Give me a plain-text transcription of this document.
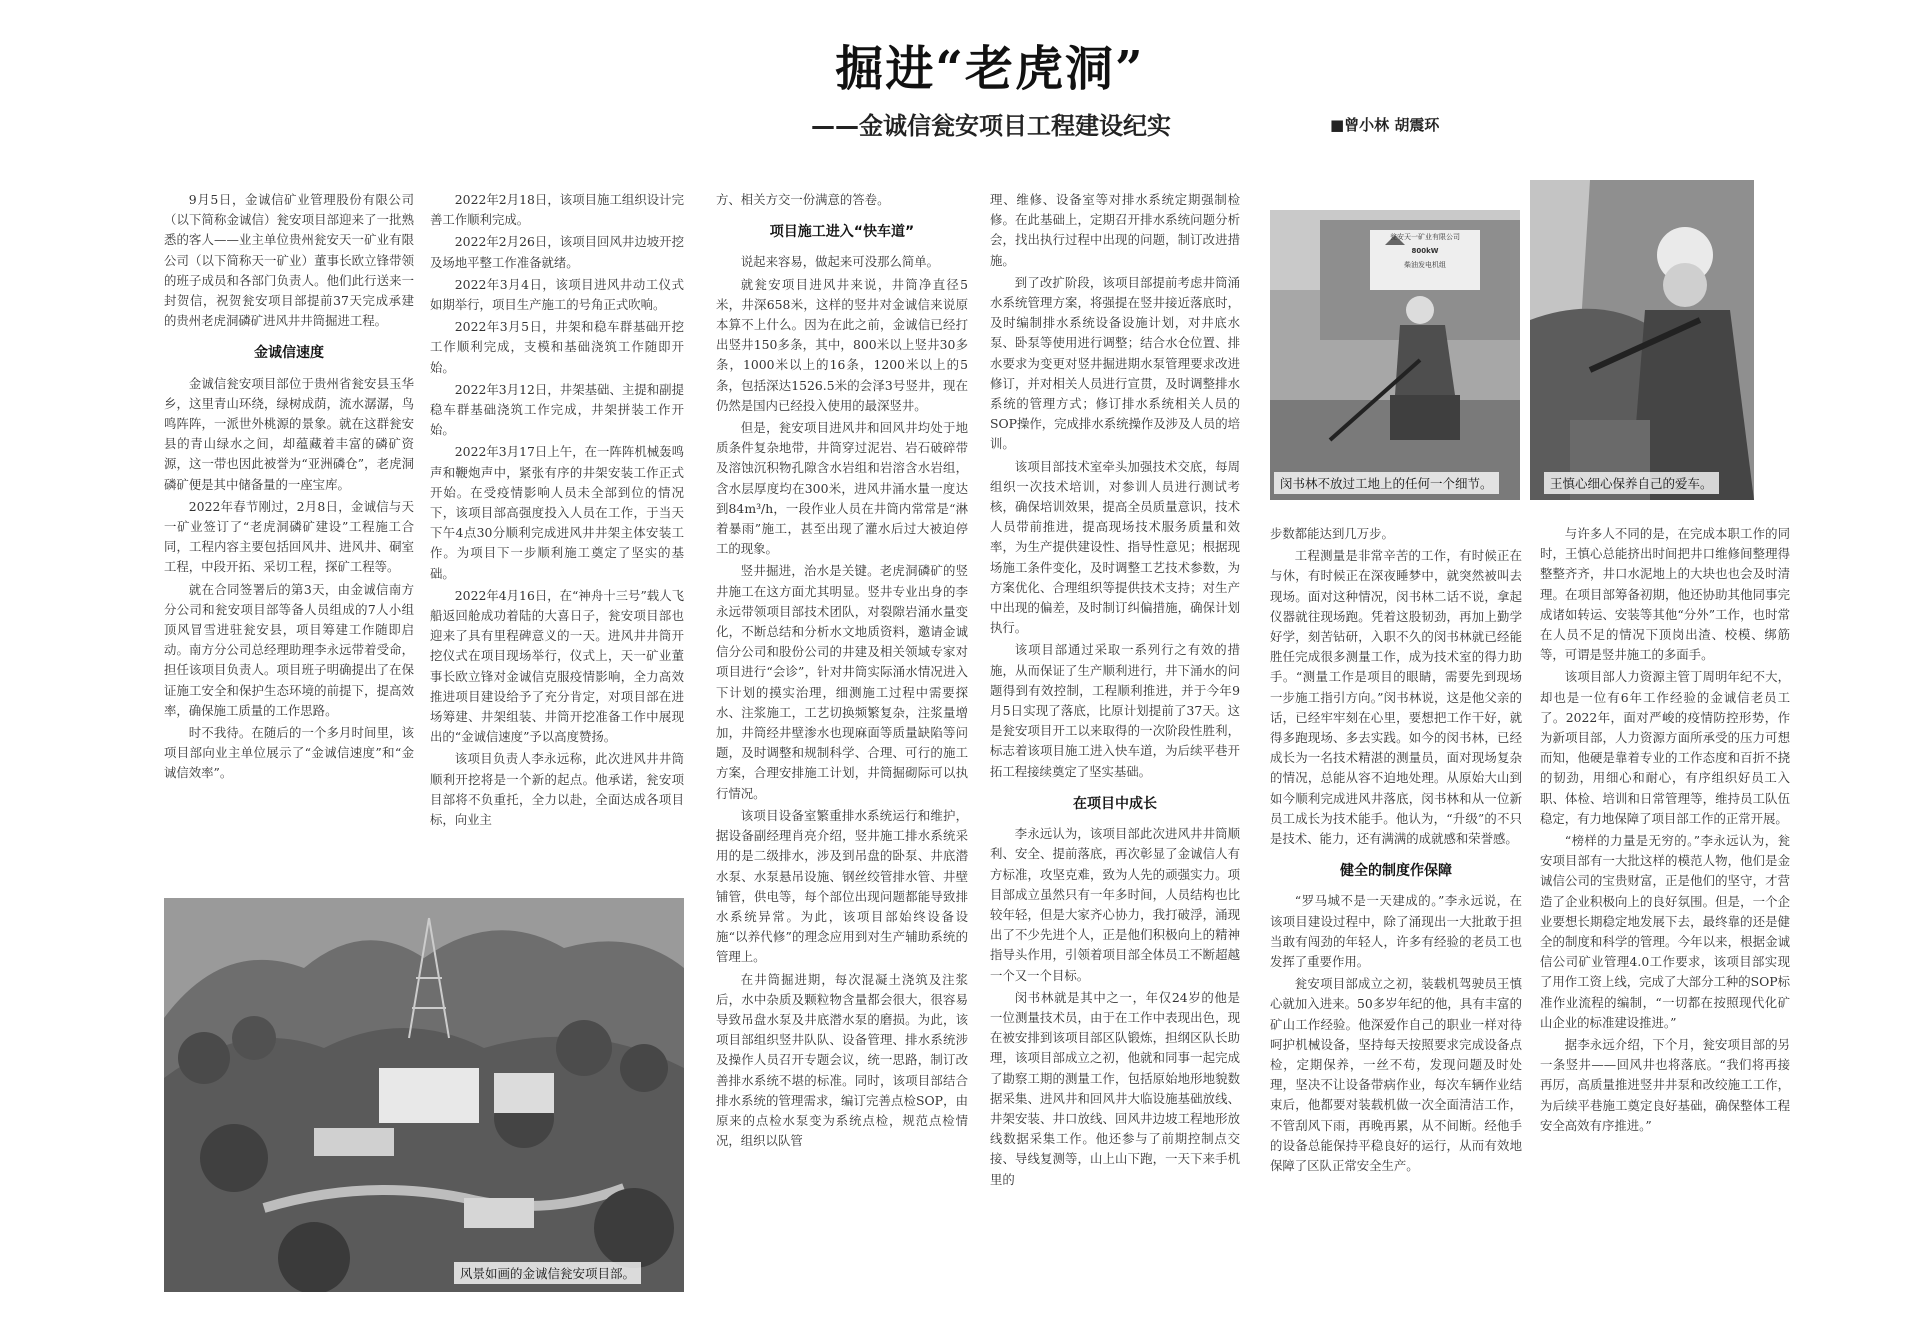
掘进“老虎洞”
——金诚信瓮安项目工程建设纪实	■曾小林 胡震环

9月5日，金诚信矿业管理股份有限公司（以下简称金诚信）瓮安项目部迎来了一批熟悉的客人——业主单位贵州瓮安天一矿业有限公司（以下简称天一矿业）董事长欧立锋带领的班子成员和各部门负责人。他们此行送来一封贺信，祝贺瓮安项目部提前37天完成承建的贵州老虎洞磷矿进风井井筒掘进工程。

金诚信速度

金诚信瓮安项目部位于贵州省瓮安县玉华乡，这里青山环绕，绿树成荫，流水潺潺，鸟鸣阵阵，一派世外桃源的景象。就在这群瓮安县的青山绿水之间，却蕴藏着丰富的磷矿资源，这一带也因此被誉为“亚洲磷仓”，老虎洞磷矿便是其中储备量的一座宝库。

2022年春节刚过，2月8日，金诚信与天一矿业签订了“老虎洞磷矿建设”工程施工合同，工程内容主要包括回风井、进风井、硐室工程，中段开拓、采切工程，探矿工程等。

就在合同签署后的第3天，由金诚信南方分公司和瓮安项目部等备人员组成的7人小组顶风冒雪进驻瓮安县，项目筹建工作随即启动。南方分公司总经理助理李永远带着受命，担任该项目负责人。项目班子明确提出了在保证施工安全和保护生态环境的前提下，提高效率，确保施工质量的工作思路。

时不我待。在随后的一个多月时间里，该项目部向业主单位展示了“金诚信速度”和“金诚信效率”。

2022年2月18日，该项目施工组织设计完善工作顺利完成。

2022年2月26日，该项目回风井边坡开挖及场地平整工作准备就绪。

2022年3月4日，该项目进风井动工仪式如期举行，项目生产施工的号角正式吹响。

2022年3月5日，井架和稳车群基础开挖工作顺利完成，支模和基础浇筑工作随即开始。

2022年3月12日，井架基础、主提和副提稳车群基础浇筑工作完成，井架拼装工作开始。

2022年3月17日上午，在一阵阵机械轰鸣声和鞭炮声中，紧张有序的井架安装工作正式开始。在受疫情影响人员未全部到位的情况下，该项目部高强度投入人员在工作，于当天下午4点30分顺利完成进风井井架主体安装工作。为项目下一步顺利施工奠定了坚实的基础。

2022年4月16日，在“神舟十三号”载人飞船返回舱成功着陆的大喜日子，瓮安项目部也迎来了具有里程碑意义的一天。进风井井筒开挖仪式在项目现场举行，仪式上，天一矿业董事长欧立锋对金诚信克服疫情影响，全力高效推进项目建设给予了充分肯定，对项目部在进场筹建、井架组装、井筒开挖准备工作中展现出的“金诚信速度”予以高度赞扬。

该项目负责人李永远称，此次进风井井筒顺利开挖将是一个新的起点。他承诺，瓮安项目部将不负重托，全力以赴，全面达成各项目标，向业主

风景如画的金诚信瓮安项目部。

方、相关方交一份满意的答卷。

项目施工进入“快车道”

说起来容易，做起来可没那么简单。

就瓮安项目进风井来说，井筒净直径5米，井深658米，这样的竖井对金诚信来说原本算不上什么。因为在此之前，金诚信已经打出竖井150多条，其中，800米以上竖井30多条，1000米以上的16条，1200米以上的5条，包括深达1526.5米的会泽3号竖井，现在仍然是国内已经投入使用的最深竖井。

但是，瓮安项目进风井和回风井均处于地质条件复杂地带，井筒穿过泥岩、岩石破碎带及溶蚀沉积物孔隙含水岩组和岩溶含水岩组，含水层厚度均在300米，进风井涌水量一度达到84m³/h，一段作业人员在井筒内常常是“淋着暴雨”施工，甚至出现了灌水后过大被迫停工的现象。

竖井掘进，治水是关键。老虎洞磷矿的竖井施工在这方面尤其明显。竖井专业出身的李永远带领项目部技术团队，对裂隙岩涌水量变化，不断总结和分析水文地质资料，邀请金诚信分公司和股份公司的井建及相关领域专家对项目进行“会诊”，针对井筒实际涌水情况进入下计划的摸实治理，细测施工过程中需要探水、注浆施工，工艺切换频繁复杂，注浆量增加，井筒经井壁渗水也现麻面等质量缺陷等问题，及时调整和规制科学、合理、可行的施工方案，合理安排施工计划，井筒掘砌际可以执行情况。

该项目设备室繁重排水系统运行和维护，据设备副经理肖亮介绍，竖井施工排水系统采用的是二级排水，涉及到吊盘的卧泵、井底潜水泵、水泵悬吊设施、钢丝绞管排水管、井壁铺管，供电等，每个部位出现问题都能导致排水系统异常。为此，该项目部始终设备设施“以养代修”的理念应用到对生产辅助系统的管理上。

在井筒掘进期，每次混凝土浇筑及注浆后，水中杂质及颗粒物含量都会很大，很容易导致吊盘水泵及井底潜水泵的磨损。为此，该项目部组织竖井队队、设备管理、排水系统涉及操作人员召开专题会议，统一思路，制订改善排水系统不堪的标准。同时，该项目部结合排水系统的管理需求，编订完善点检SOP，由原来的点检水泵变为系统点检，规范点检情况，组织以队管

理、维修、设备室等对排水系统定期强制检修。在此基础上，定期召开排水系统问题分析会，找出执行过程中出现的问题，制订改进措施。

到了改扩阶段，该项目部提前考虑井筒涌水系统管理方案，将强提在竖井接近落底时，及时编制排水系统设备设施计划，对井底水泵、卧泵等使用进行调整；结合水仓位置、排水要求为变更对竖井掘进期水泵管理要求改进修订，并对相关人员进行宣贯，及时调整排水系统的管理方式；修订排水系统相关人员的SOP操作，完成排水系统操作及涉及人员的培训。

该项目部技术室牵头加强技术交底，每周组织一次技术培训，对参训人员进行测试考核，确保培训效果，提高全员质量意识，技术人员带前推进，提高现场技术服务质量和效率，为生产提供建设性、指导性意见；根据现场施工条件变化，及时调整工艺技术参数，为方案优化、合理组织等提供技术支持；对生产中出现的偏差，及时制订纠偏措施，确保计划执行。

该项目部通过采取一系列行之有效的措施，从而保证了生产顺利进行，井下涌水的问题得到有效控制，工程顺利推进，并于今年9月5日实现了落底，比原计划提前了37天。这是瓮安项目开工以来取得的一次阶段性胜利，标志着该项目施工进入快车道，为后续平巷开拓工程接续奠定了坚实基础。

在项目中成长

李永远认为，该项目部此次进风井井筒顺利、安全、提前落底，再次彰显了金诚信人有方标准，攻坚克难，致为人先的顽强实力。项目部成立虽然只有一年多时间，人员结构也比较年轻，但是大家齐心协力，我打破浮，涌现出了不少先进个人，正是他们积极向上的精神指导头作用，引领着项目部全体员工不断超越一个又一个目标。

闵书林就是其中之一，年仅24岁的他是一位测量技术员，由于在工作中表现出色，现在被安排到该项目部区队锻炼，担纲区队长助理，该项目部成立之初，他就和同事一起完成了勘察工期的测量工作，包括原始地形地貌数据采集、进风井和回风井大临设施基础放线、井架安装、井口放线、回风井边坡工程地形放线数据采集工作。他还参与了前期控制点交接、导线复测等，山上山下跑，一天下来手机里的

闵书林不放过工地上的任何一个细节。
瓮安天一矿业有限公司
800kW
柴油发电机组
王慎心细心保养自己的爱车。

步数都能达到几万步。

工程测量是非常辛苦的工作，有时候正在与休，有时候正在深夜睡梦中，就突然被叫去现场。面对这种情况，闵书林二话不说，拿起仪器就往现场跑。凭着这股韧劲，再加上勤学好学，刻苦钻研，入职不久的闵书林就已经能胜任完成很多测量工作，成为技术室的得力助手。“测量工作是项目的眼睛，需要先到现场一步施工指引方向。”闵书林说，这是他父亲的话，已经牢牢刻在心里，要想把工作干好，就得多跑现场、多去实践。如今的闵书林，已经成长为一名技术精湛的测量员，面对现场复杂的情况，总能从容不迫地处理。从原始大山到如今顺利完成进风井落底，闵书林和从一位新员工成长为技术能手。他认为，“升级”的不只是技术、能力，还有满满的成就感和荣誉感。

健全的制度作保障

“罗马城不是一天建成的。”李永远说，在该项目建设过程中，除了涌现出一大批敢于担当敢有闯劲的年轻人，许多有经验的老员工也发挥了重要作用。

瓮安项目部成立之初，装载机驾驶员王慎心就加入进来。50多岁年纪的他，具有丰富的矿山工作经验。他深爱作自己的职业一样对待呵护机械设备，坚持每天按照要求完成设备点检，定期保养，一丝不苟，发现问题及时处理，坚决不让设备带病作业，每次车辆作业结束后，他都要对装载机做一次全面清洁工作，不管刮风下雨，再晚再累，从不间断。经他手的设备总能保持平稳良好的运行，从而有效地保障了区队正常安全生产。

与许多人不同的是，在完成本职工作的同时，王慎心总能挤出时间把井口维修间整理得整整齐齐，井口水泥地上的大块也也会及时清理。在项目部筹备初期，他还协助其他同事完成诸如转运、安装等其他“分外”工作，也时常在人员不足的情况下顶岗出渣、校模、绑筋等，可谓是竖井施工的多面手。

该项目部人力资源主管丁周明年纪不大，却也是一位有6年工作经验的金诚信老员工了。2022年，面对严峻的疫情防控形势，作为新项目部，人力资源方面所承受的压力可想而知，他硬是靠着专业的工作态度和百折不挠的韧劲，用细心和耐心，有序组织好员工入职、体检、培训和日常管理等，维持员工队伍稳定，有力地保障了项目部工作的正常开展。

“榜样的力量是无穷的。”李永远认为，瓮安项目部有一大批这样的模范人物，他们是金诚信公司的宝贵财富，正是他们的坚守，才营造了企业积极向上的良好氛围。但是，一个企业要想长期稳定地发展下去，最终靠的还是健全的制度和科学的管理。今年以来，根据金诚信公司矿业管理4.0工作要求，该项目部实现了用作工资上线，完成了大部分工种的SOP标准作业流程的编制，“一切都在按照现代化矿山企业的标准建设推进。”

据李永远介绍，下个月，瓮安项目部的另一条竖井——回风井也将落底。“我们将再接再厉，高质量推进竖井井泵和改绞施工工作，为后续平巷施工奠定良好基础，确保整体工程安全高效有序推进。”
